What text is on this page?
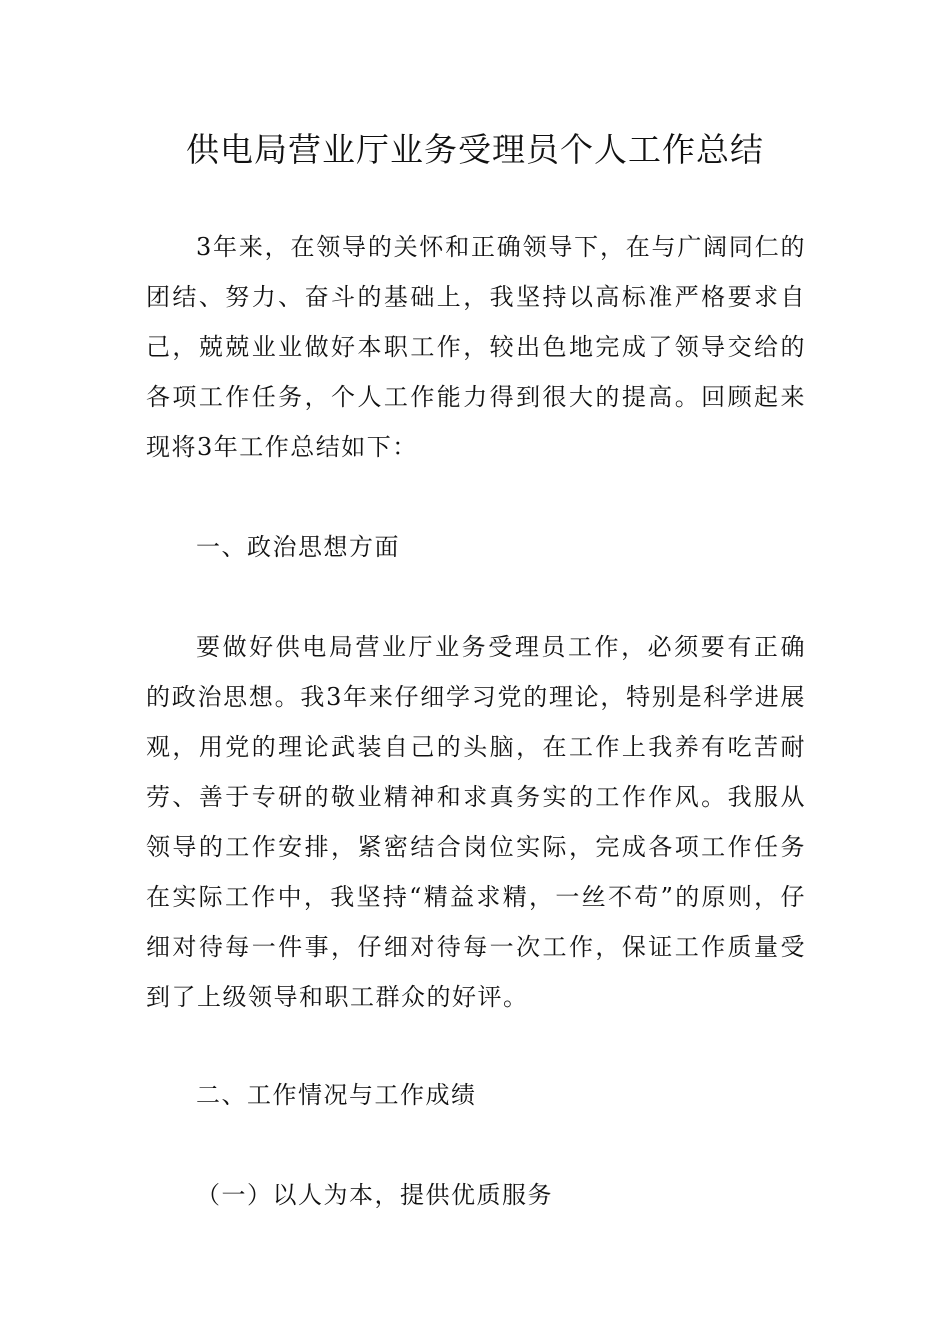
供电局营业厅业务受理员个人工作总结

3年来，在领导的关怀和正确领导下，在与广阔同仁的团结、努力、奋斗的基础上，我坚持以高标准严格要求自己，兢兢业业做好本职工作，较出色地完成了领导交给的各项工作任务，个人工作能力得到很大的提高。回顾起来现将3年工作总结如下：

一、政治思想方面

要做好供电局营业厅业务受理员工作，必须要有正确的政治思想。我3年来仔细学习党的理论，特别是科学进展观，用党的理论武装自己的头脑，在工作上我养有吃苦耐劳、善于专研的敬业精神和求真务实的工作作风。我服从领导的工作安排，紧密结合岗位实际，完成各项工作任务在实际工作中，我坚持“精益求精，一丝不苟”的原则，仔细对待每一件事，仔细对待每一次工作，保证工作质量受到了上级领导和职工群众的好评。

二、工作情况与工作成绩

（一）以人为本，提供优质服务
